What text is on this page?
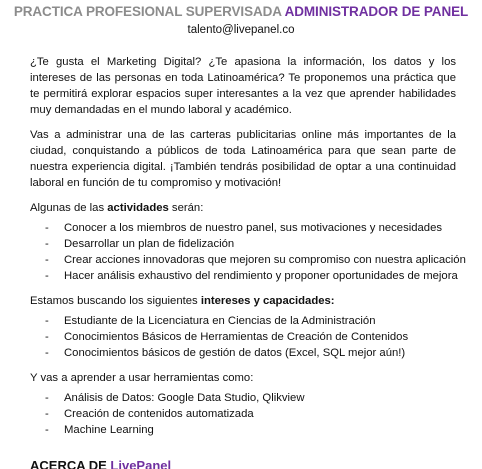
PRACTICA PROFESIONAL SUPERVISADA ADMINISTRADOR DE PANEL
talento@livepanel.co

¿Te gusta el Marketing Digital? ¿Te apasiona la información, los datos y los intereses de las personas en toda Latinoamérica? Te proponemos una práctica que te permitirá explorar espacios super interesantes a la vez que aprender habilidades muy demandadas en el mundo laboral y académico.

Vas a administrar una de las carteras publicitarias online más importantes de la ciudad, conquistando a públicos de toda Latinoamérica para que sean parte de nuestra experiencia digital. ¡También tendrás posibilidad de optar a una continuidad laboral en función de tu compromiso y motivación!

Algunas de las actividades serán:

- Conocer a los miembros de nuestro panel, sus motivaciones y necesidades
- Desarrollar un plan de fidelización
- Crear acciones innovadoras que mejoren su compromiso con nuestra aplicación
- Hacer análisis exhaustivo del rendimiento y proponer oportunidades de mejora

Estamos buscando los siguientes intereses y capacidades:

- Estudiante de la Licenciatura en Ciencias de la Administración
- Conocimientos Básicos de Herramientas de Creación de Contenidos
- Conocimientos básicos de gestión de datos (Excel, SQL mejor aún!)

Y vas a aprender a usar herramientas como:

- Análisis de Datos: Google Data Studio, Qlikview
- Creación de contenidos automatizada
- Machine Learning
ACERCA DE LivePanel
